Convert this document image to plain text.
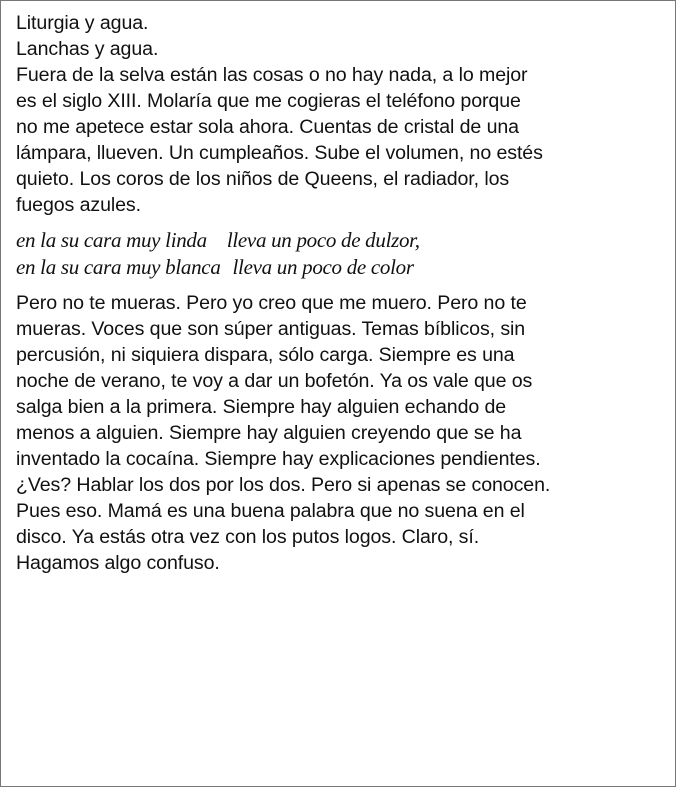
Liturgia y agua.
Lanchas y agua.
Fuera de la selva están las cosas o no hay nada, a lo mejor
es el siglo XIII. Molaría que me cogieras el teléfono porque
no me apetece estar sola ahora. Cuentas de cristal de una
lámpara, llueven. Un cumpleaños. Sube el volumen, no estés
quieto. Los coros de los niños de Queens, el radiador, los
fuegos azules.
en la su cara muy linda lleva un poco de dulzor,
en la su cara muy blanca lleva un poco de color
Pero no te mueras. Pero yo creo que me muero. Pero no te
mueras. Voces que son súper antiguas. Temas bíblicos, sin
percusión, ni siquiera dispara, sólo carga. Siempre es una
noche de verano, te voy a dar un bofetón. Ya os vale que os
salga bien a la primera. Siempre hay alguien echando de
menos a alguien. Siempre hay alguien creyendo que se ha
inventado la cocaína. Siempre hay explicaciones pendientes.
¿Ves? Hablar los dos por los dos. Pero si apenas se conocen.
Pues eso. Mamá es una buena palabra que no suena en el
disco. Ya estás otra vez con los putos logos. Claro, sí.
Hagamos algo confuso.
